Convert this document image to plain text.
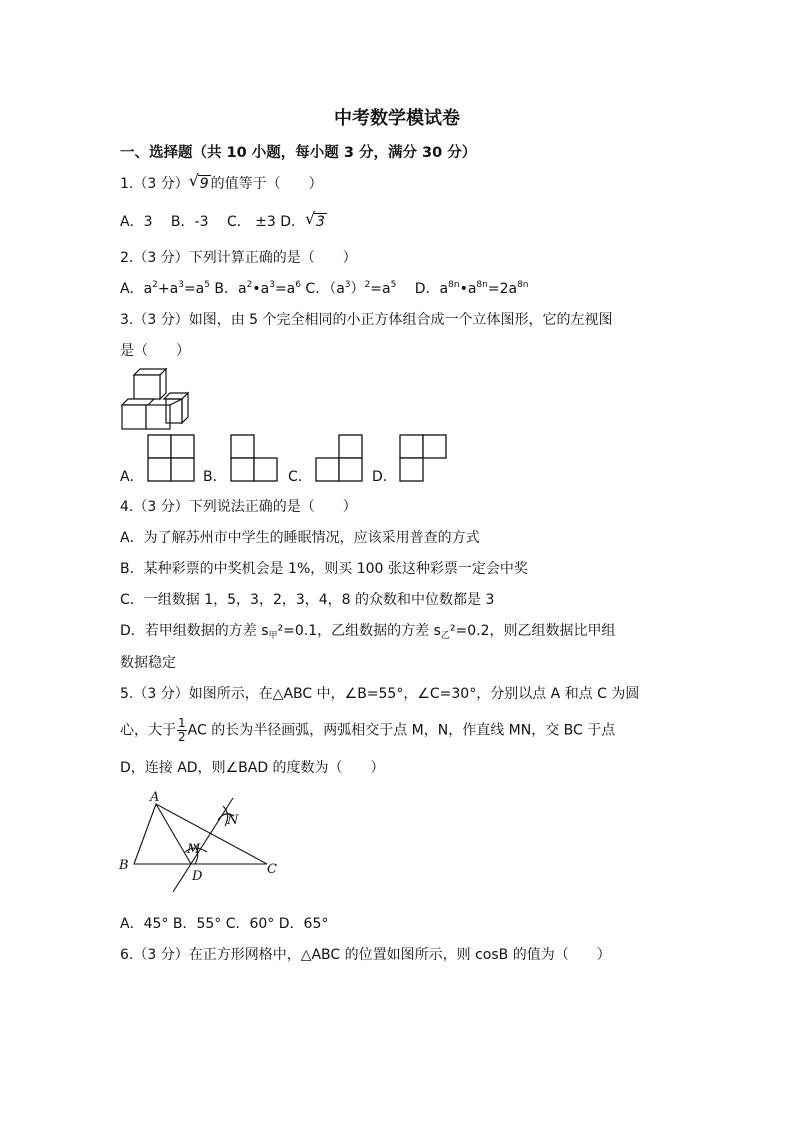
中考数学模试卷
一、选择题（共 10 小题，每小题 3 分，满分 30 分）
1.（3 分） √ 9 的值等于（　　）
A．3　 B．-3　 C． ±3 D． √ 3
2.（3 分）下列计算正确的是（　　）
A．$a^2+a^3=a^5$ B．$a^2•a^3=a^6$ C．$(a^3)^2=a^5$　 D．$a^{8n}•a^{8n}=2a^{8n}$
3.（3 分）如图，由 5 个完全相同的小正方体组合成一个立体图形，它的左视图
是（　　）
A．	B．	C．	D．
4.（3 分）下列说法正确的是（　　）
A．为了解苏州市中学生的睡眠情况，应该采用普查的方式
B．某种彩票的中奖机会是 1%，则买 100 张这种彩票一定会中奖
C．一组数据 1，5，3，2，3，4，8 的众数和中位数都是 3
D．若甲组数据的方差 $s_甲^2=0.1$，乙组数据的方差 $s_乙^2=0.2$，则乙组数据比甲组
数据稳定
5.（3 分）如图所示，在△ABC 中，∠B=55°，∠C=30°，分别以点 A 和点 C 为圆
心，大于 $\frac{1}{2}$ AC 的长为半径画弧，两弧相交于点 M，N，作直线 MN，交 BC 于点
D，连接 AD，则∠BAD 的度数为（　　）
A
B	C
D
M
N
A．45° B．55° C．60° D．65°
6.（3 分）在正方形网格中，△ABC 的位置如图所示，则 cosB 的值为（　　）
